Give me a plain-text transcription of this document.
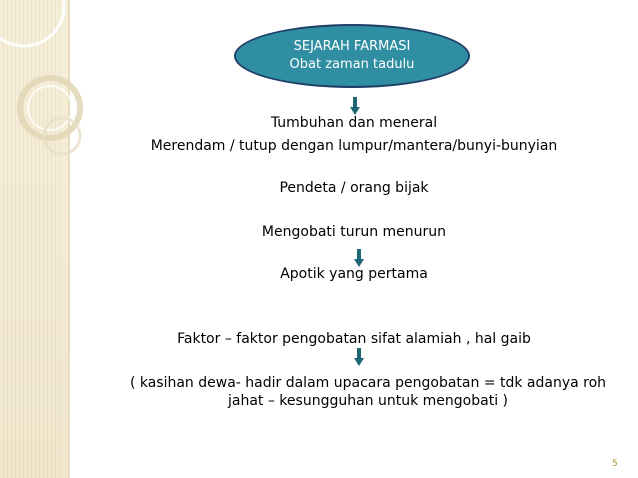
SEJARAH FARMASI
Obat zaman tadulu
Tumbuhan dan meneral
Merendam / tutup dengan lumpur/mantera/bunyi-bunyian
Pendeta / orang bijak
Mengobati turun menurun
Apotik yang pertama
Faktor – faktor pengobatan sifat alamiah , hal gaib
( kasihan dewa- hadir dalam upacara pengobatan = tdk adanya roh jahat – kesungguhan untuk mengobati )
5
